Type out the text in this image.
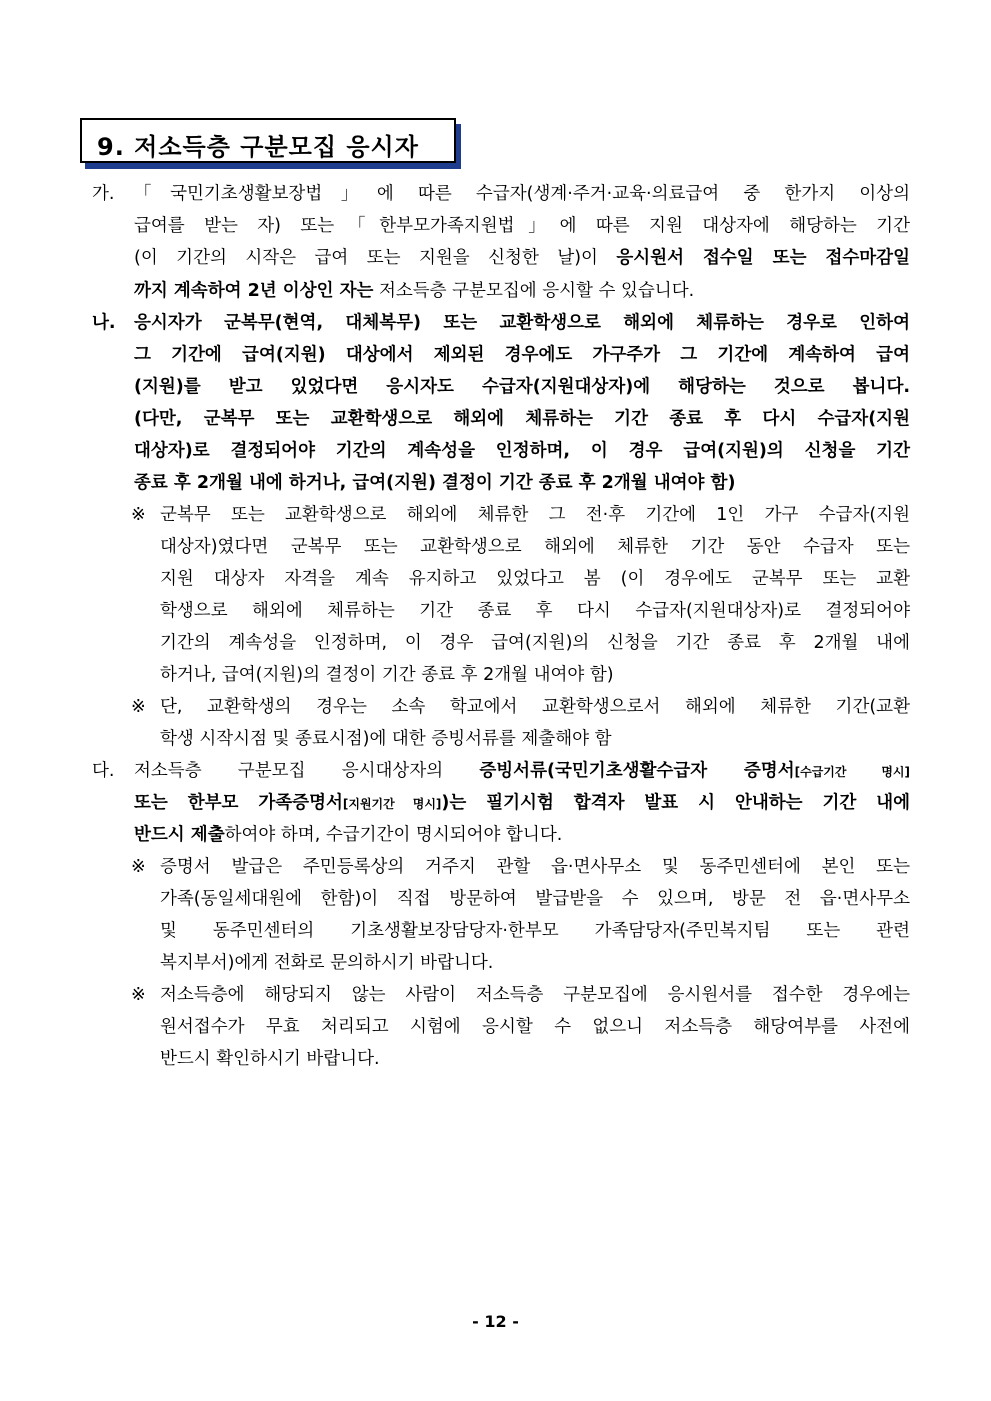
9. 저소득층 구분모집 응시자
가. 「국민기초생활보장법」에 따른 수급자(생계·주거·교육·의료급여 중 한가지 이상의
급여를 받는 자) 또는「한부모가족지원법」에 따른 지원 대상자에 해당하는 기간
(이 기간의 시작은 급여 또는 지원을 신청한 날)이 응시원서 접수일 또는 접수마감일
까지 계속하여 2년 이상인 자는 저소득층 구분모집에 응시할 수 있습니다.
나. 응시자가 군복무(현역, 대체복무) 또는 교환학생으로 해외에 체류하는 경우로 인하여
그 기간에 급여(지원) 대상에서 제외된 경우에도 가구주가 그 기간에 계속하여 급여
(지원)를 받고 있었다면 응시자도 수급자(지원대상자)에 해당하는 것으로 봅니다.
(다만, 군복무 또는 교환학생으로 해외에 체류하는 기간 종료 후 다시 수급자(지원
대상자)로 결정되어야 기간의 계속성을 인정하며, 이 경우 급여(지원)의 신청을 기간
종료 후 2개월 내에 하거나, 급여(지원) 결정이 기간 종료 후 2개월 내여야 함)
※ 군복무 또는 교환학생으로 해외에 체류한 그 전·후 기간에 1인 가구 수급자(지원
대상자)였다면 군복무 또는 교환학생으로 해외에 체류한 기간 동안 수급자 또는
지원 대상자 자격을 계속 유지하고 있었다고 봄 (이 경우에도 군복무 또는 교환
학생으로 해외에 체류하는 기간 종료 후 다시 수급자(지원대상자)로 결정되어야
기간의 계속성을 인정하며, 이 경우 급여(지원)의 신청을 기간 종료 후 2개월 내에
하거나, 급여(지원)의 결정이 기간 종료 후 2개월 내여야 함)
※ 단, 교환학생의 경우는 소속 학교에서 교환학생으로서 해외에 체류한 기간(교환
학생 시작시점 및 종료시점)에 대한 증빙서류를 제출해야 함
다. 저소득층 구분모집 응시대상자의 증빙서류(국민기초생활수급자 증명서[수급기간 명시]
또는 한부모 가족증명서[지원기간 명시])는 필기시험 합격자 발표 시 안내하는 기간 내에
반드시 제출하여야 하며, 수급기간이 명시되어야 합니다.
※ 증명서 발급은 주민등록상의 거주지 관할 읍·면사무소 및 동주민센터에 본인 또는
가족(동일세대원에 한함)이 직접 방문하여 발급받을 수 있으며, 방문 전 읍·면사무소
및 동주민센터의 기초생활보장담당자·한부모 가족담당자(주민복지팀 또는 관련
복지부서)에게 전화로 문의하시기 바랍니다.
※ 저소득층에 해당되지 않는 사람이 저소득층 구분모집에 응시원서를 접수한 경우에는
원서접수가 무효 처리되고 시험에 응시할 수 없으니 저소득층 해당여부를 사전에
반드시 확인하시기 바랍니다.
- 12 -
